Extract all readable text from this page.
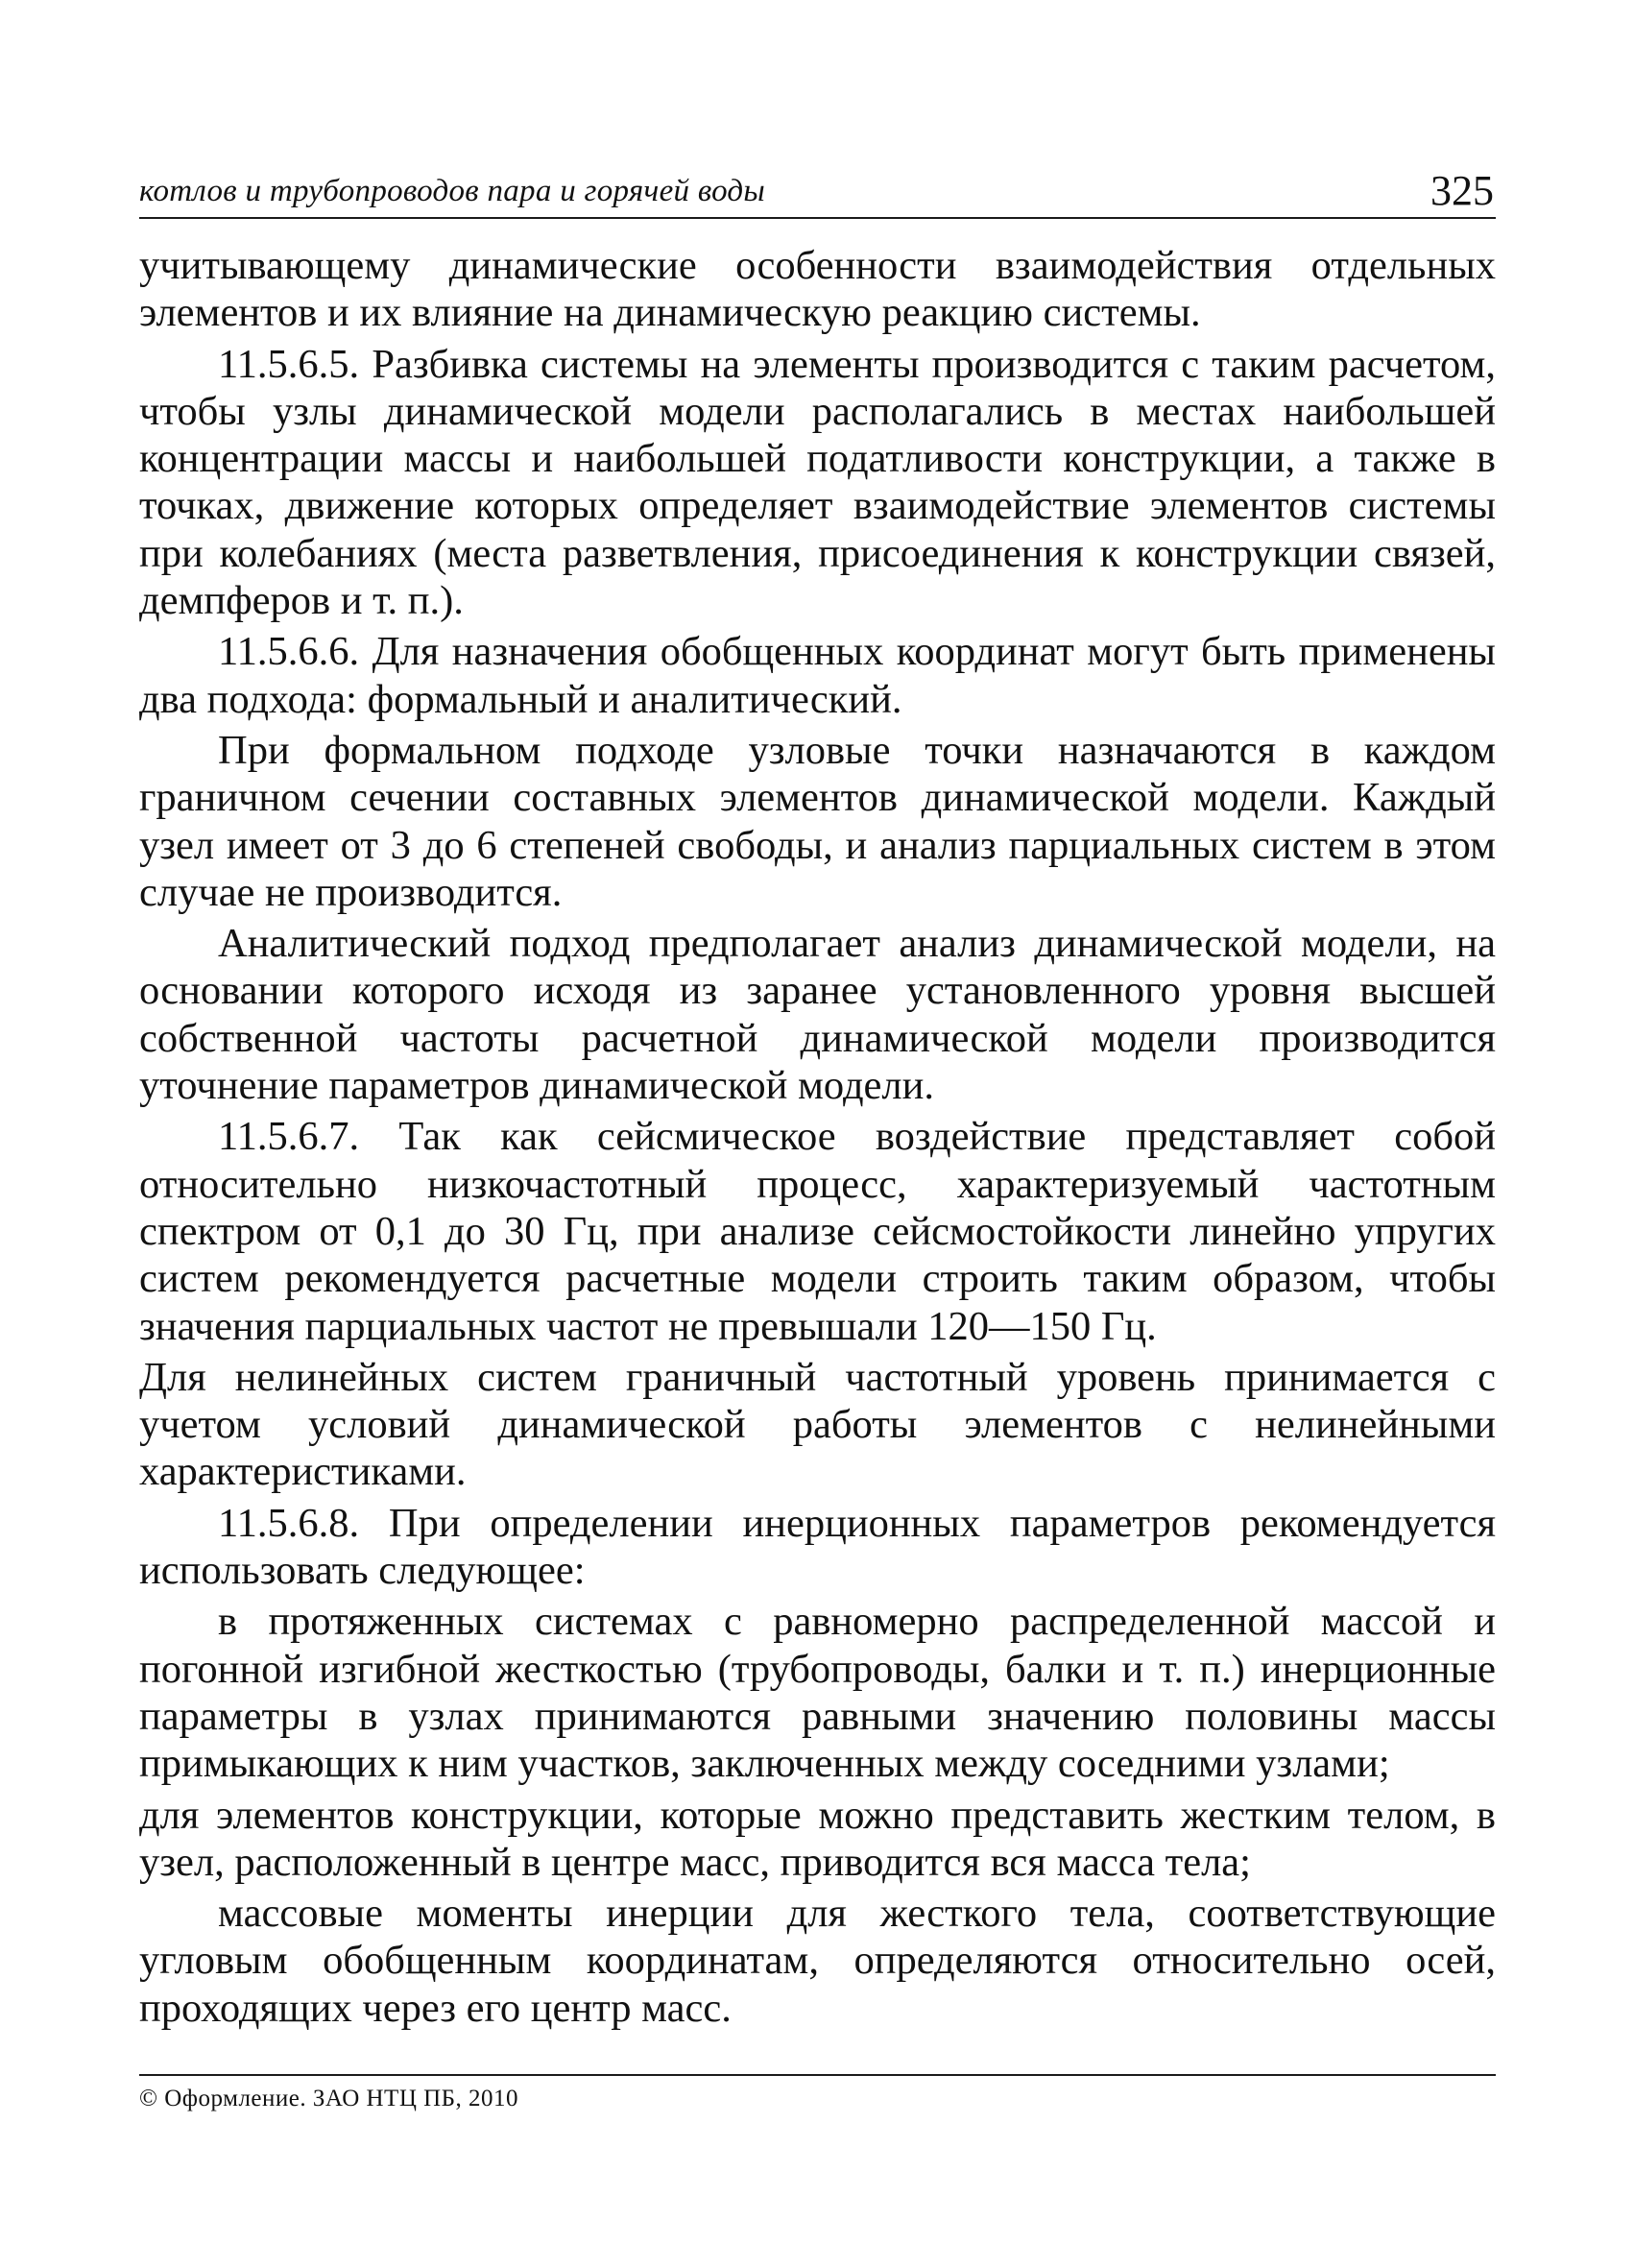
котлов и трубопроводов пара и горячей воды	325

учитывающему динамические особенности взаимодействия отдельных элементов и их влияние на динамическую реакцию системы.

11.5.6.5. Разбивка системы на элементы производится с таким расчетом, чтобы узлы динамической модели располагались в местах наибольшей концентрации массы и наибольшей податливости конструкции, а также в точках, движение которых определяет взаимодействие элементов системы при колебаниях (места разветвления, присоединения к конструкции связей, демпферов и т. п.).

11.5.6.6. Для назначения обобщенных координат могут быть применены два подхода: формальный и аналитический.

При формальном подходе узловые точки назначаются в каждом граничном сечении составных элементов динамической модели. Каждый узел имеет от 3 до 6 степеней свободы, и анализ парциальных систем в этом случае не производится.

Аналитический подход предполагает анализ динамической модели, на основании которого исходя из заранее установленного уровня высшей собственной частоты расчетной динамической модели производится уточнение параметров динамической модели.

11.5.6.7. Так как сейсмическое воздействие представляет собой относительно низкочастотный процесс, характеризуемый частотным спектром от 0,1 до 30 Гц, при анализе сейсмостойкости линейно упругих систем рекомендуется расчетные модели строить таким образом, чтобы значения парциальных частот не превышали 120—150 Гц.

Для нелинейных систем граничный частотный уровень принимается с учетом условий динамической работы элементов с нелинейными характеристиками.

11.5.6.8. При определении инерционных параметров рекомендуется использовать следующее:

в протяженных системах с равномерно распределенной массой и погонной изгибной жесткостью (трубопроводы, балки и т. п.) инерционные параметры в узлах принимаются равными значению половины массы примыкающих к ним участков, заключенных между соседними узлами;

для элементов конструкции, которые можно представить жестким телом, в узел, расположенный в центре масс, приводится вся масса тела;

массовые моменты инерции для жесткого тела, соответствующие угловым обобщенным координатам, определяются относительно осей, проходящих через его центр масс.

© Оформление. ЗАО НТЦ ПБ, 2010
